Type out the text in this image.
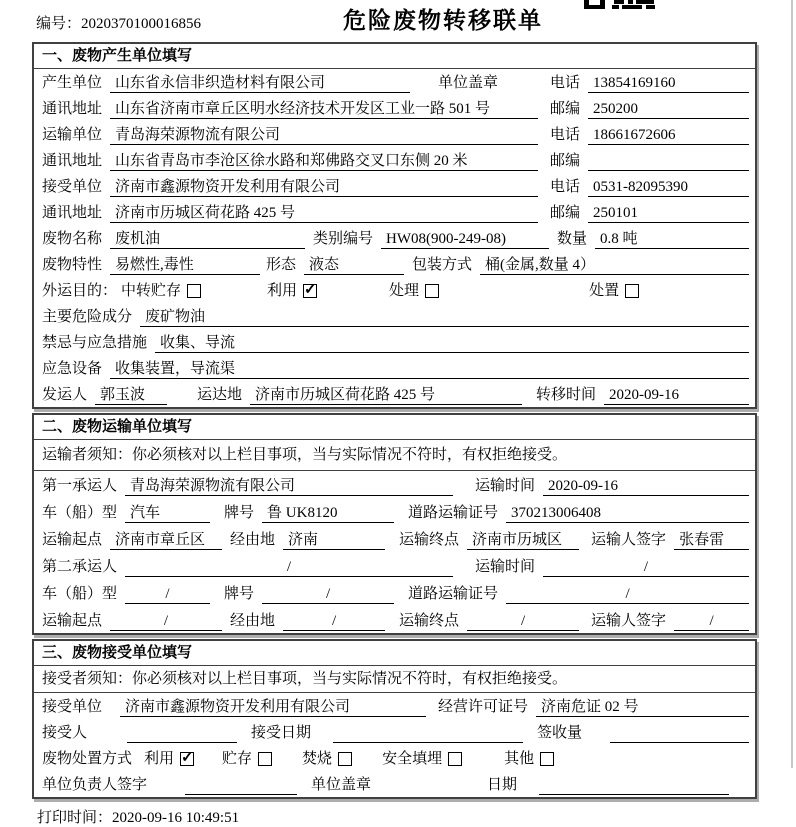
编号：2020370100016856	危险废物转移联单
一、废物产生单位填写
产生单位 山东省永信非织造材料有限公司	单位盖章	电话 13854169160
通讯地址 山东省济南市章丘区明水经济技术开发区工业一路 501 号	邮编 250200
运输单位 青岛海荣源物流有限公司	电话 18661672606
通讯地址 山东省青岛市李沧区徐水路和郑佛路交叉口东侧 20 米	邮编
接受单位 济南市鑫源物资开发利用有限公司	电话 0531-82095390
通讯地址 济南市历城区荷花路 425 号	邮编 250101
废物名称 废机油	类别编号 HW08(900-249-08)	数量 0.8 吨
废物特性 易燃性,毒性	形态 液态	包装方式 桶(金属,数量 4）
外运目的： 中转贮存	利用 ✓	处理	处置
主要危险成分 废矿物油
禁忌与应急措施 收集、导流
应急设备 收集装置，导流渠
发运人 郭玉波	运达地 济南市历城区荷花路 425 号	转移时间 2020-09-16
二、废物运输单位填写
运输者须知：你必须核对以上栏目事项，当与实际情况不符时，有权拒绝接受。
第一承运人 青岛海荣源物流有限公司	运输时间 2020-09-16
车（船）型 汽车	牌号 鲁 UK8120	道路运输证号 370213006408
运输起点 济南市章丘区	经由地 济南	运输终点 济南市历城区	运输人签字 张春雷
第二承运人	/	运输时间	/
车（船）型	/	牌号	/	道路运输证号	/
运输起点	/	经由地	/	运输终点	/	运输人签字	/
三、废物接受单位填写
接受者须知：你必须核对以上栏目事项，当与实际情况不符时，有权拒绝接受。
接受单位	济南市鑫源物资开发利用有限公司	经营许可证号 济南危证 02 号
接受人	接受日期	签收量
废物处置方式 利用 ✓	贮存	焚烧	安全填埋	其他
单位负责人签字	单位盖章	日期
打印时间：2020-09-16 10:49:51
